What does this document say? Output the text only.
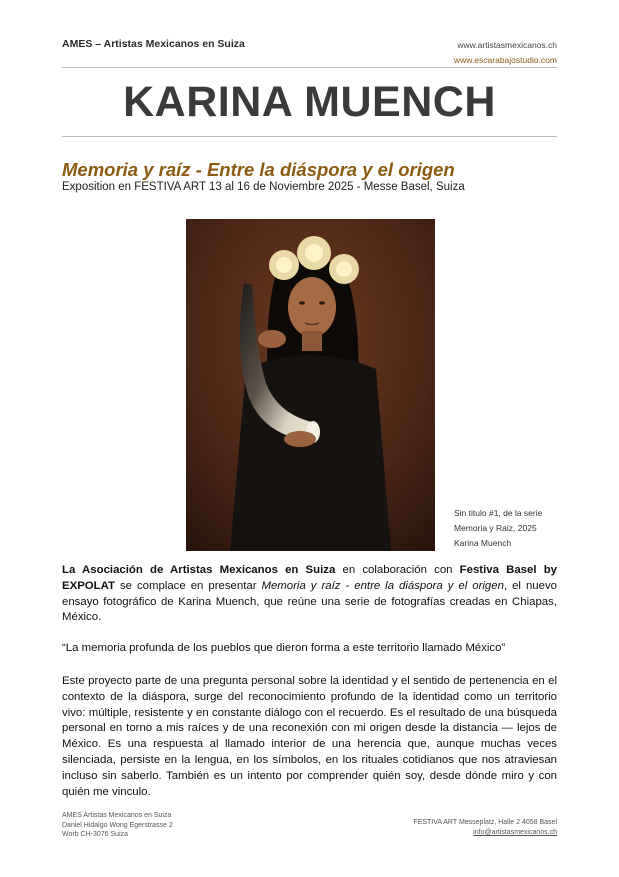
AMES – Artistas Mexicanos en Suiza	www.artistasmexicanos.ch
www.escarabajostudio.com
KARINA MUENCH
Memoria y raíz - Entre la diáspora y el origen
Exposition en FESTIVA ART 13 al 16 de Noviembre 2025 - Messe Basel, Suiza
Sin titulo #1, de la serie
Memoria y Raiz, 2025
Karina Muench
La Asociación de Artistas Mexicanos en Suiza en colaboración con Festiva Basel by EXPOLAT se complace en presentar Memoria y raíz - entre la diáspora y el origen, el nuevo ensayo fotográfico de Karina Muench, que reúne una serie de fotografías creadas en Chiapas, México.
“La memoria profunda de los pueblos que dieron forma a este territorio llamado México”
Este proyecto parte de una pregunta personal sobre la identidad y el sentido de pertenencia en el contexto de la diáspora, surge del reconocimiento profundo de la identidad como un territorio vivo: múltiple, resistente y en constante diálogo con el recuerdo. Es el resultado de una búsqueda personal en torno a mis raíces y de una reconexión con mi origen desde la distancia — lejos de México. Es una respuesta al llamado interior de una herencia que, aunque muchas veces silenciada, persiste en la lengua, en los símbolos, en los rituales cotidianos que nos atraviesan incluso sin saberlo. También es un intento por comprender quién soy, desde dónde miro y con quién me vinculo.
AMES Artistas Mexicanos en Suiza
Daniel Hidalgo Wong Egerstrasse 2
Worb CH-3076 Suiza
FESTIVA ART Messeplatz, Halle 2 4058 Basel
info@artistasmexicanos.ch
